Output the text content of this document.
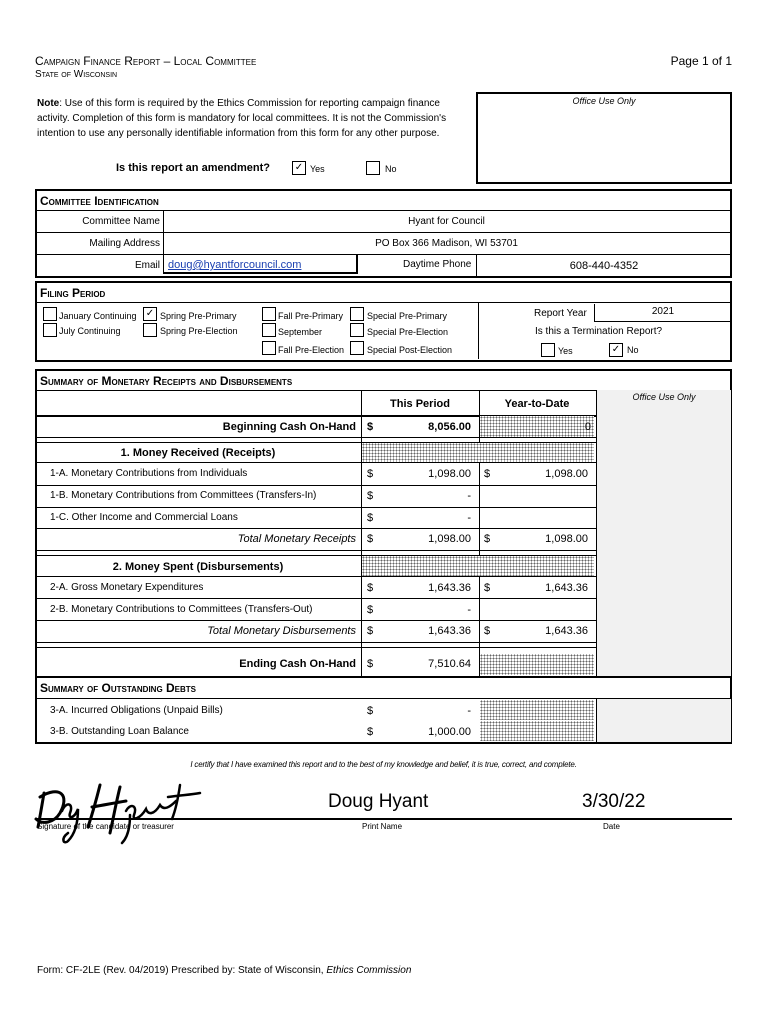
Campaign Finance Report – Local Committee
State of Wisconsin
Page 1 of 1
Note: Use of this form is required by the Ethics Commission for reporting campaign finance activity. Completion of this form is mandatory for local committees. It is not the Commission's intention to use any personally identifiable information from this form for any other purpose.
Office Use Only
Is this report an amendment? ✓ Yes	No
Committee Identification
Committee Name	Hyant for Council
Mailing Address	PO Box 366 Madison, WI 53701
Email doug@hyantforcouncil.com	Daytime Phone	608-440-4352
Filing Period
January Continuing
July Continuing
✓ Spring Pre-Primary
Spring Pre-Election
Fall Pre-Primary
September
Fall Pre-Election
Special Pre-Primary
Special Pre-Election
Special Post-Election
Report Year	2021
Is this a Termination Report?
Yes	✓ No
Summary of Monetary Receipts and Disbursements
Office Use Only
This Period	Year-to-Date
Beginning Cash On-Hand $	8,056.00	0
1. Money Received (Receipts)
1-A. Monetary Contributions from Individuals	$	1,098.00 $	1,098.00
1-B. Monetary Contributions from Committees (Transfers-In)	$	-
1-C. Other Income and Commercial Loans	$	-
Total Monetary Receipts $	1,098.00 $	1,098.00
2. Money Spent (Disbursements)
2-A. Gross Monetary Expenditures	$	1,643.36 $	1,643.36
2-B. Monetary Contributions to Committees (Transfers-Out)	$	-
Total Monetary Disbursements $	1,643.36 $	1,643.36
Ending Cash On-Hand $	7,510.64
Summary of Outstanding Debts
3-A. Incurred Obligations (Unpaid Bills)	$	-
3-B. Outstanding Loan Balance	$	1,000.00
I certify that I have examined this report and to the best of my knowledge and belief, it is true, correct, and complete.
Signature of the candidate or treasurer
Doug Hyant
Print Name
3/30/22
Date
Form: CF-2LE (Rev. 04/2019) Prescribed by: State of Wisconsin, Ethics Commission
